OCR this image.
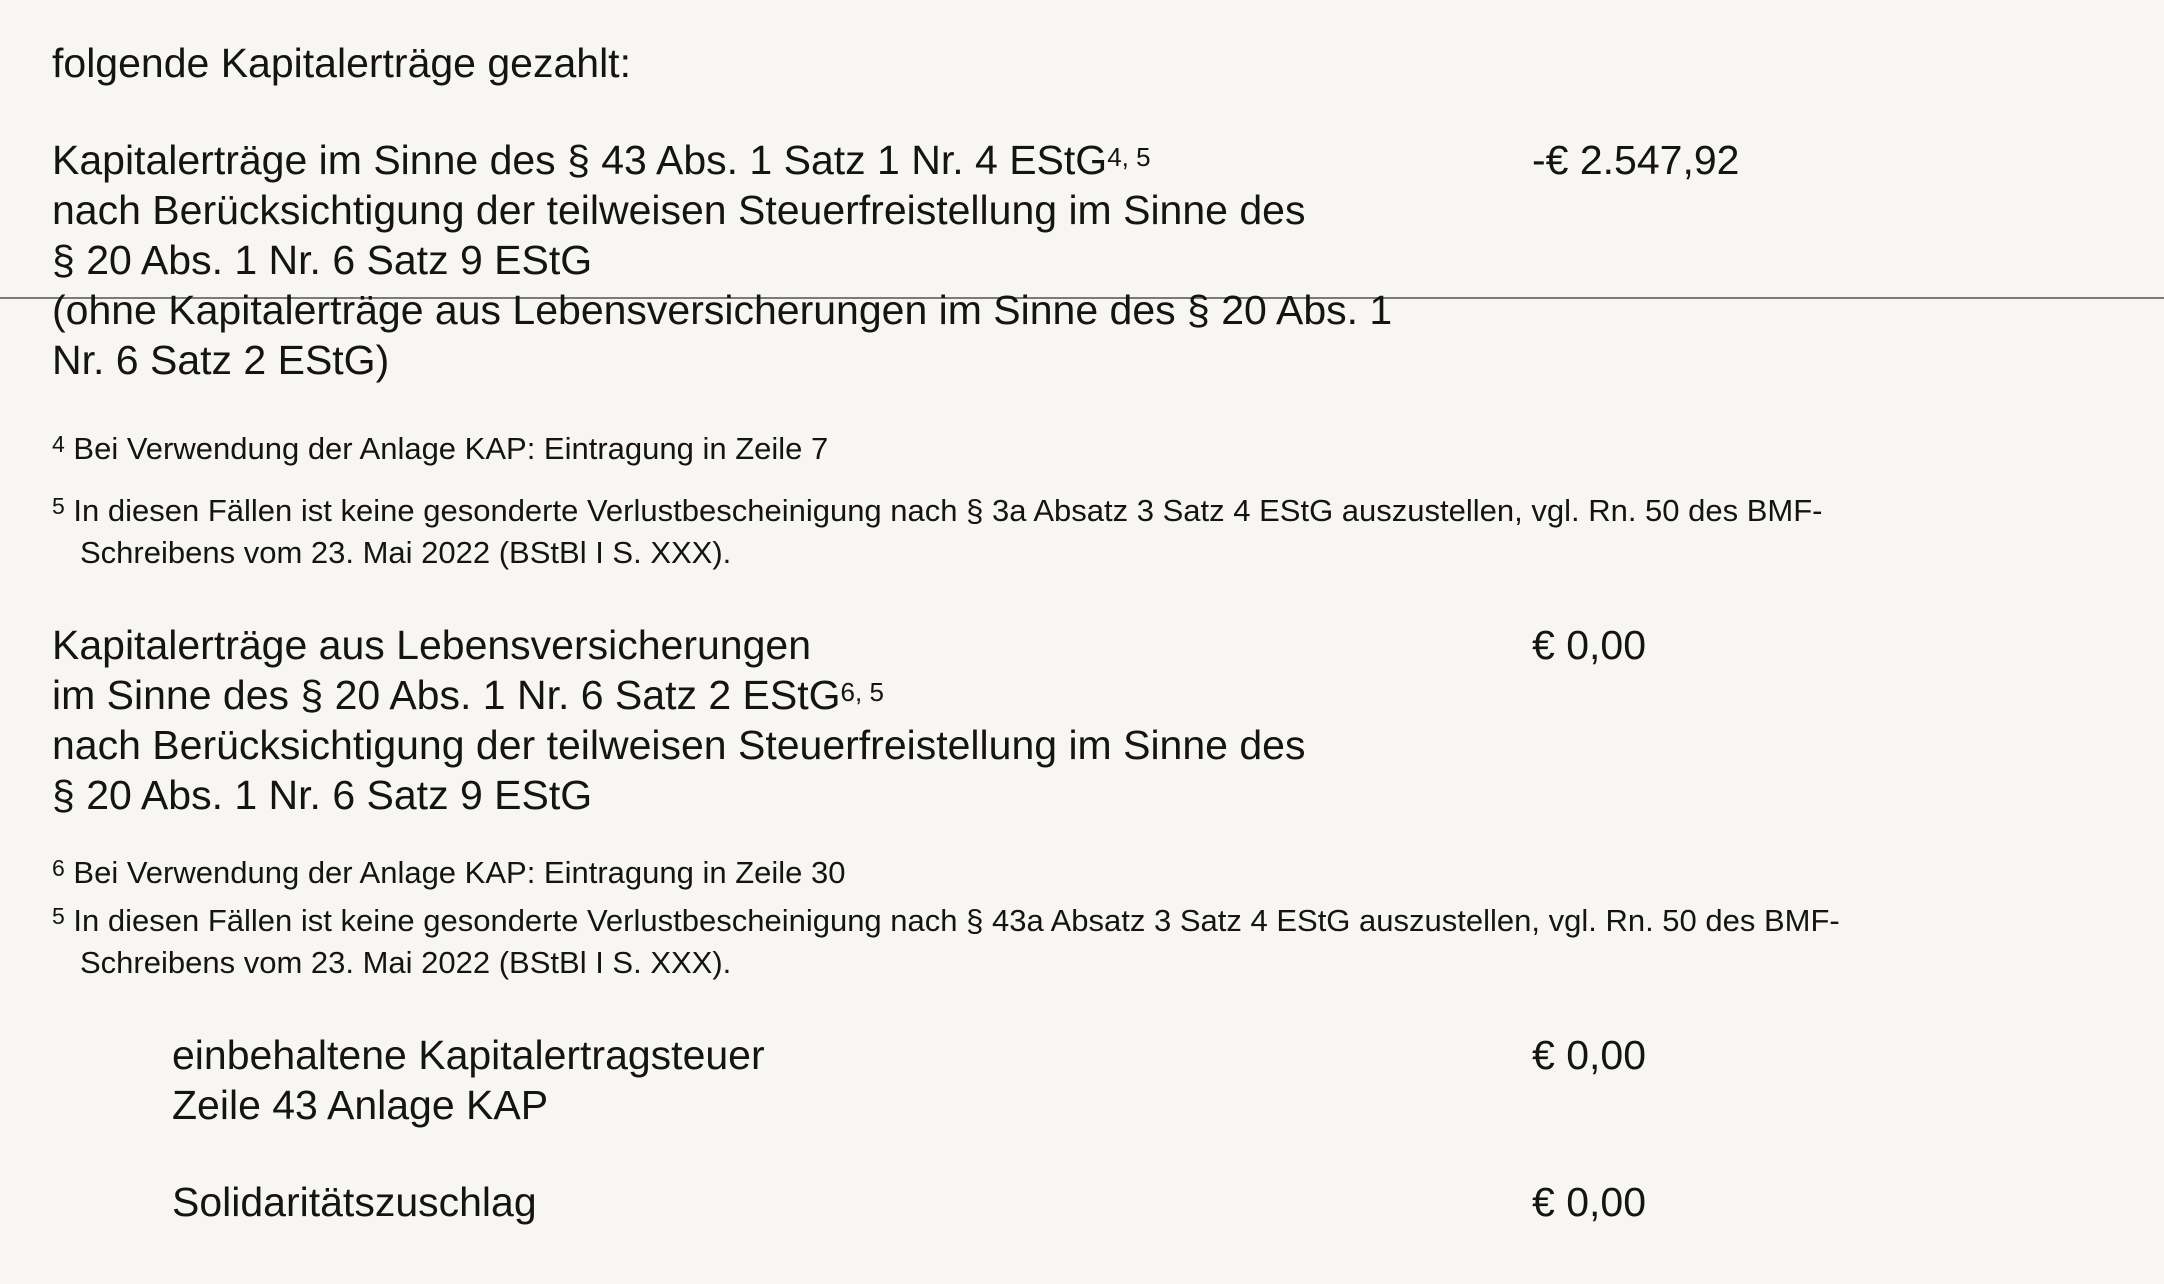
folgende Kapitalerträge gezahlt:

Kapitalerträge im Sinne des § 43 Abs. 1 Satz 1 Nr. 4 EStG$^{4, 5}$

nach Berücksichtigung der teilweisen Steuerfreistellung im Sinne des

§ 20 Abs. 1 Nr. 6 Satz 9 EStG

(ohne Kapitalerträge aus Lebensversicherungen im Sinne des § 20 Abs. 1

Nr. 6 Satz 2 EStG)

-€ 2.547,92

$^4$ Bei Verwendung der Anlage KAP: Eintragung in Zeile 7

$^5$ In diesen Fällen ist keine gesonderte Verlustbescheinigung nach § 3a Absatz 3 Satz 4 EStG auszustellen, vgl. Rn. 50 des BMF-

Schreibens vom 23. Mai 2022 (BStBl I S. XXX).

Kapitalerträge aus Lebensversicherungen

im Sinne des § 20 Abs. 1 Nr. 6 Satz 2 EStG$^{6, 5}$

nach Berücksichtigung der teilweisen Steuerfreistellung im Sinne des

§ 20 Abs. 1 Nr. 6 Satz 9 EStG

€ 0,00

$^6$ Bei Verwendung der Anlage KAP: Eintragung in Zeile 30

$^5$ In diesen Fällen ist keine gesonderte Verlustbescheinigung nach § 43a Absatz 3 Satz 4 EStG auszustellen, vgl. Rn. 50 des BMF-

Schreibens vom 23. Mai 2022 (BStBl I S. XXX).

einbehaltene Kapitalertragsteuer

Zeile 43 Anlage KAP

€ 0,00

Solidaritätszuschlag	€ 0,00
